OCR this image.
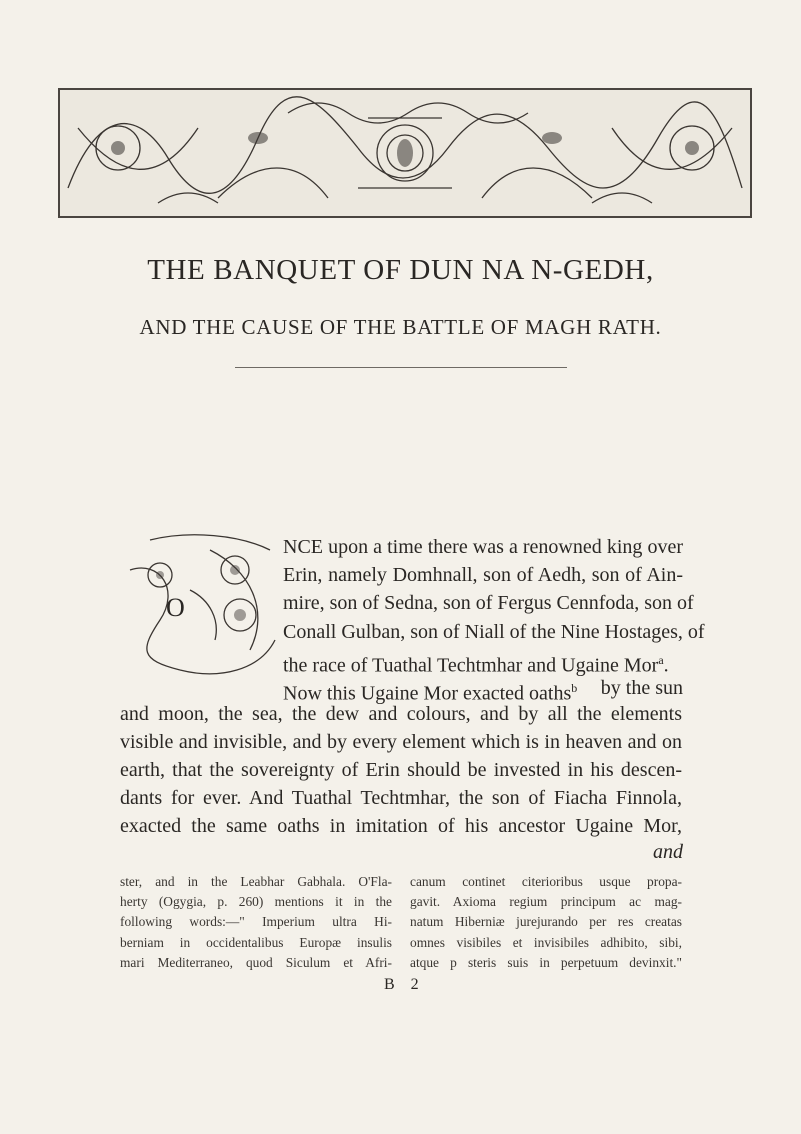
THE BANQUET OF DUN NA N-GEDH,
AND THE CAUSE OF THE BATTLE OF MAGH RATH.
O
NCE upon a time there was a renowned king over
Erin, namely Domhnall, son of Aedh, son of Ain-
mire, son of Sedna, son of Fergus Cennfoda, son of
Conall Gulban, son of Niall of the Nine Hostages, of
the race of Tuathal Techtmhar and Ugaine Mor$^a$.
Now this Ugaine Mor exacted oaths$^b$ by the sun
and moon, the sea, the dew and colours, and by all the elements
visible and invisible, and by every element which is in heaven and on
earth, that the sovereignty of Erin should be invested in his descen-
dants for ever. And Tuathal Techtmhar, the son of Fiacha Finnola,
exacted the same oaths in imitation of his ancestor Ugaine Mor,
and
ster, and in the Leabhar Gabhala. O'Fla-
herty (Ogygia, p. 260) mentions it in the
following words:—" Imperium ultra Hi-
berniam in occidentalibus Europæ insulis
mari Mediterraneo, quod Siculum et Afri-
canum continet citerioribus usque propa-
gavit. Axioma regium principum ac mag-
natum Hiberniæ jurejurando per res creatas
omnes visibiles et invisibiles adhibito, sibi,
atque p steris suis in perpetuum devinxit."
B 2
